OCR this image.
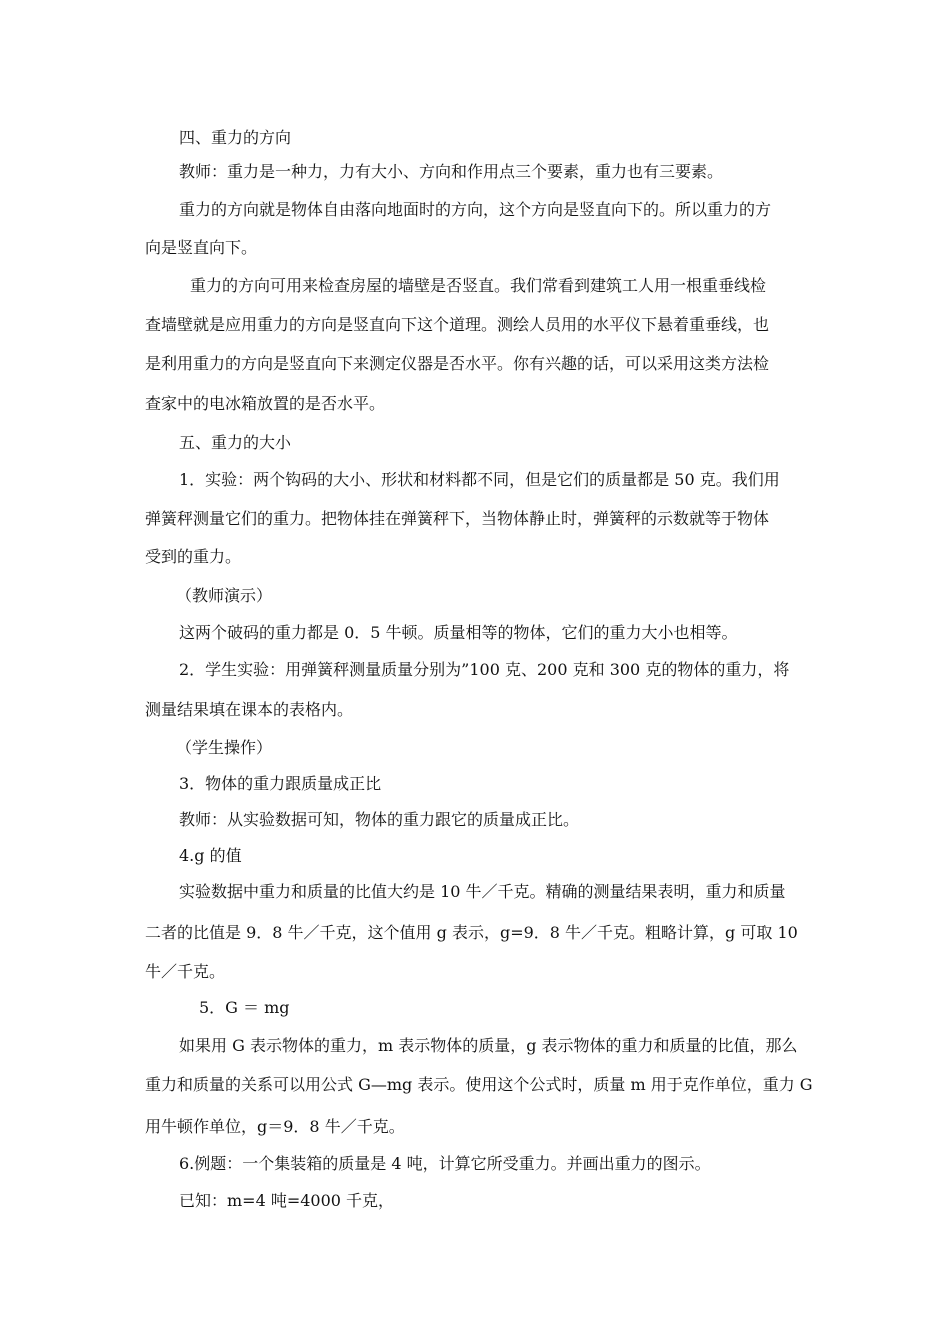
四、重力的方向
教师：重力是一种力，力有大小、方向和作用点三个要素，重力也有三要素。
重力的方向就是物体自由落向地面时的方向，这个方向是竖直向下的。所以重力的方
向是竖直向下。
重力的方向可用来检查房屋的墙壁是否竖直。我们常看到建筑工人用一根重垂线检
查墙壁就是应用重力的方向是竖直向下这个道理。测绘人员用的水平仪下悬着重垂线，也
是利用重力的方向是竖直向下来测定仪器是否水平。你有兴趣的话，可以采用这类方法检
查家中的电冰箱放置的是否水平。
五、重力的大小
1．实验：两个钩码的大小、形状和材料都不同，但是它们的质量都是 50 克。我们用
弹簧秤测量它们的重力。把物体挂在弹簧秤下，当物体静止时，弹簧秤的示数就等于物体
受到的重力。
（教师演示）
这两个破码的重力都是 0．5 牛顿。质量相等的物体，它们的重力大小也相等。
2．学生实验：用弹簧秤测量质量分别为”100 克、200 克和 300 克的物体的重力，将
测量结果填在课本的表格内。
（学生操作）
3．物体的重力跟质量成正比
教师：从实验数据可知，物体的重力跟它的质量成正比。
4.g 的值
实验数据中重力和质量的比值大约是 10 牛／千克。精确的测量结果表明，重力和质量
二者的比值是 9．8 牛／千克，这个值用 g 表示，g=9．8 牛／千克。粗略计算，g 可取 10
牛／千克。
5．G ＝ mg
如果用 G 表示物体的重力，m 表示物体的质量，g 表示物体的重力和质量的比值，那么
重力和质量的关系可以用公式 G—mg 表示。使用这个公式时，质量 m 用于克作单位，重力 G
用牛顿作单位，g＝9．8 牛／千克。
6.例题：一个集装箱的质量是 4 吨，计算它所受重力。并画出重力的图示。
已知：m=4 吨=4000 千克，
